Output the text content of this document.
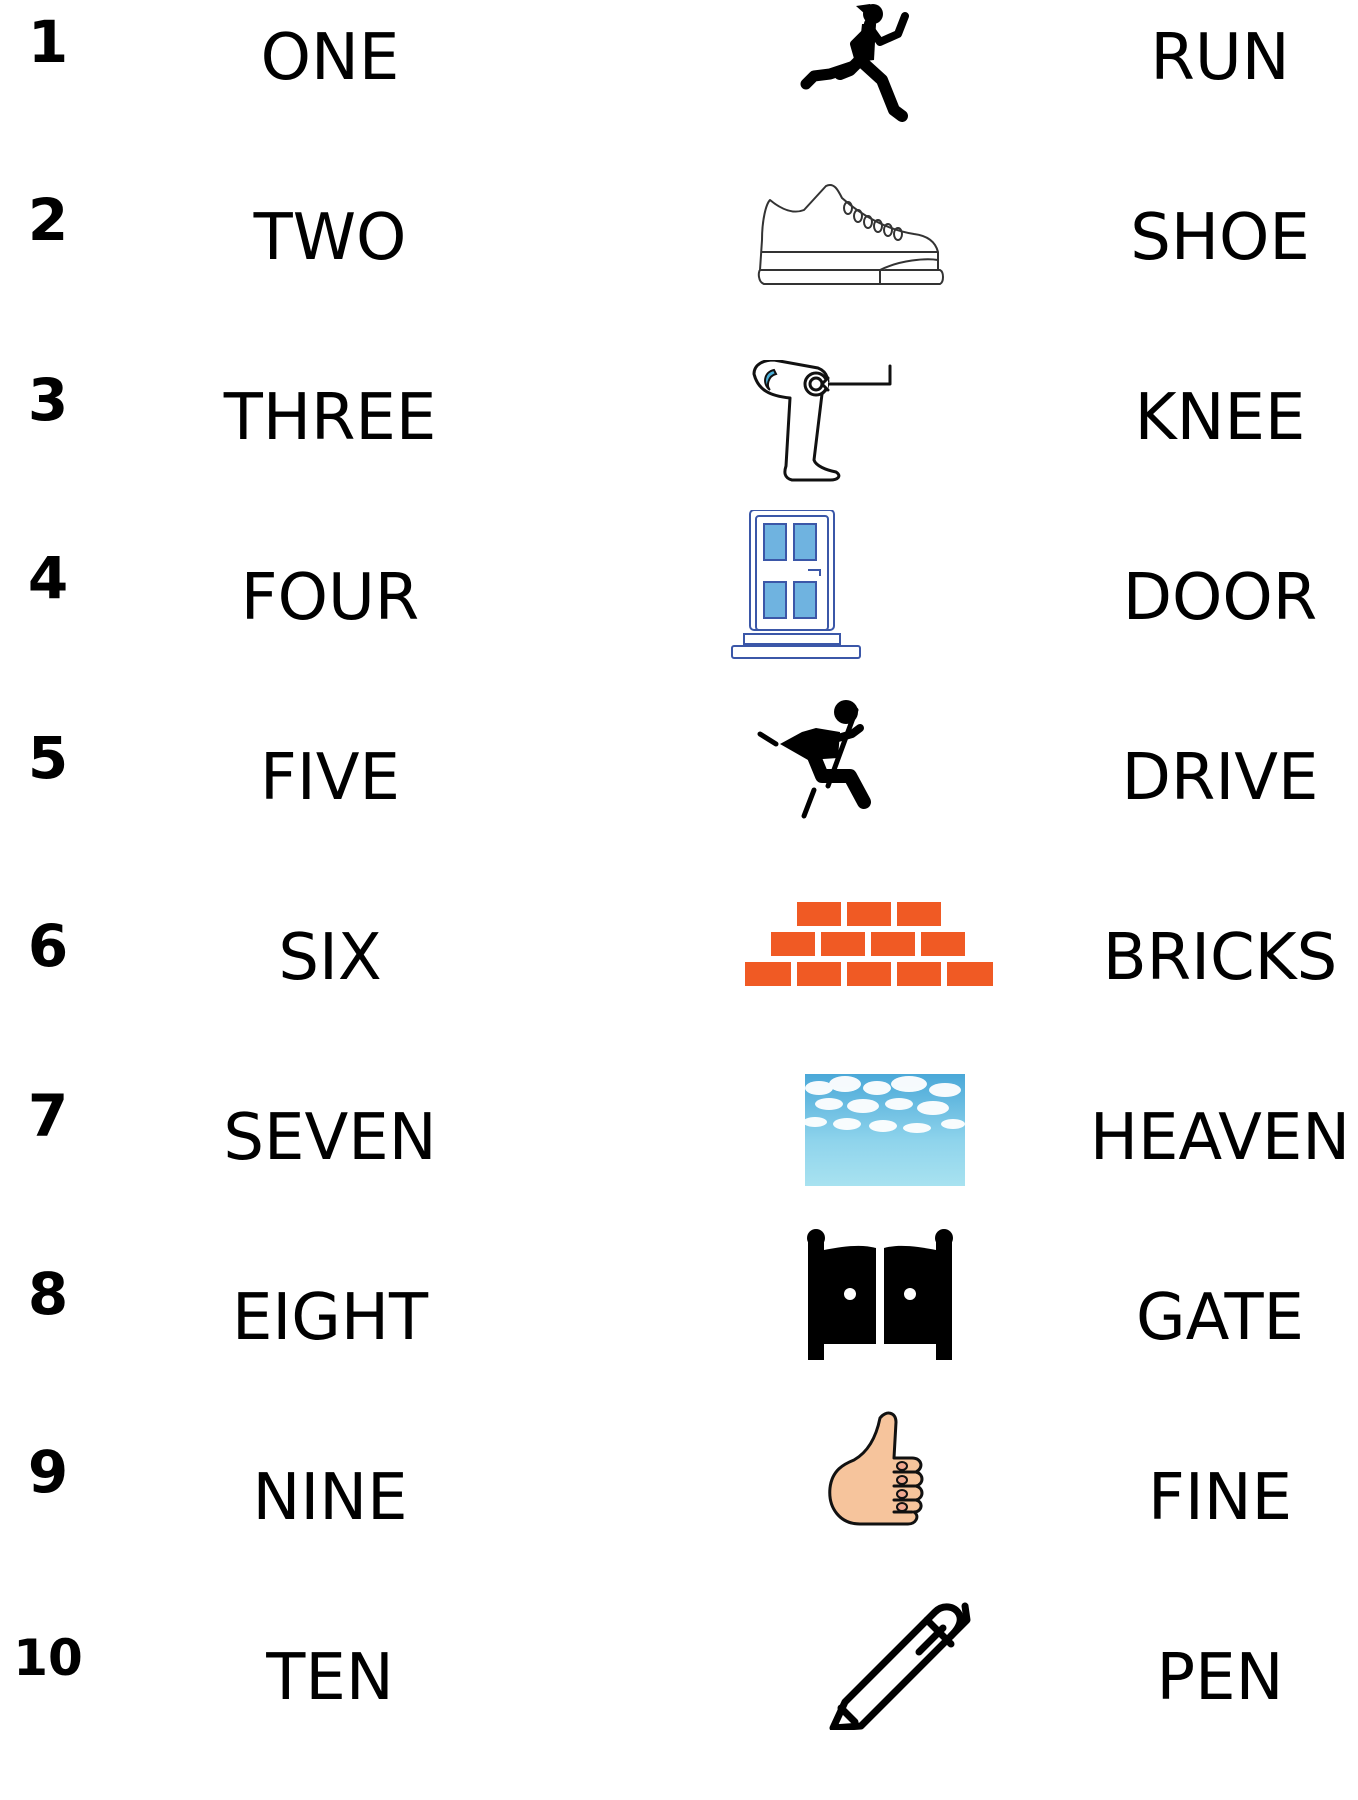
1	ONE	RUN
2	TWO	SHOE
3	THREE	KNEE
4	FOUR	DOOR
5	FIVE	DRIVE
6	SIX	BRICKS
7	SEVEN	HEAVEN
8	EIGHT	GATE
9	NINE	FINE
10	TEN	PEN
